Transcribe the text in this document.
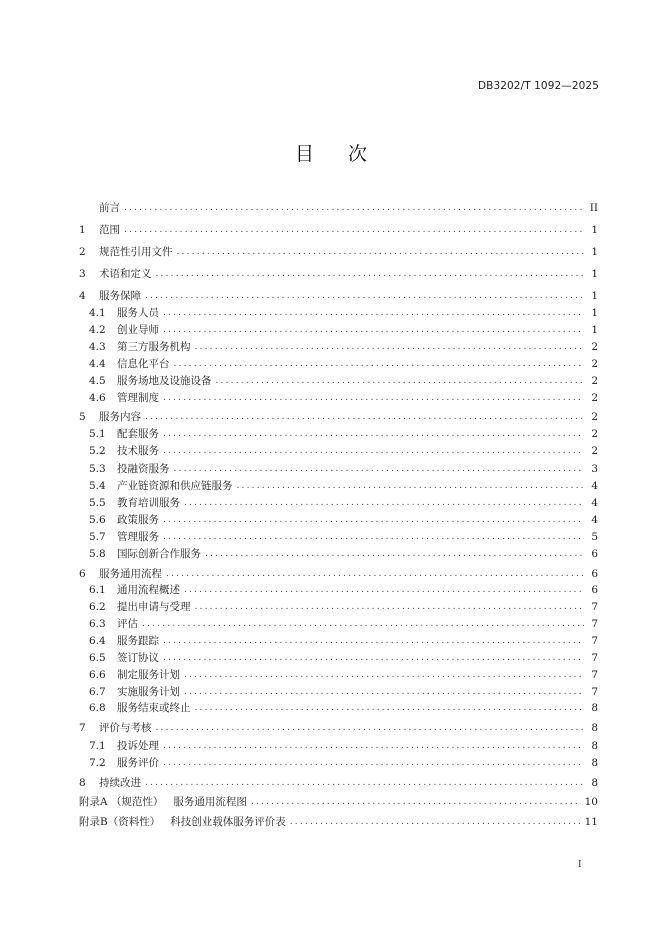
DB3202/T 1092—2025
目次
前言 .....	II
1	范围 .....	1
2	规范性引用文件 .....	1
3	术语和定义 .....	1
4	服务保障 .....	1
4.1	服务人员 .....	1
4.2	创业导师 .....	1
4.3	第三方服务机构 .....	2
4.4	信息化平台 .....	2
4.5	服务场地及设施设备 .....	2
4.6	管理制度 .....	2
5	服务内容 .....	2
5.1	配套服务 .....	2
5.2	技术服务 .....	2
5.3	投融资服务 .....	3
5.4	产业链资源和供应链服务 .....	4
5.5	教育培训服务 .....	4
5.6	政策服务 .....	4
5.7	管理服务 .....	5
5.8	国际创新合作服务 .....	6
6	服务通用流程 .....	6
6.1	通用流程概述 .....	6
6.2	提出申请与受理 .....	7
6.3	评估 .....	7
6.4	服务跟踪 .....	7
6.5	签订协议 .....	7
6.6	制定服务计划 .....	7
6.7	实施服务计划 .....	7
6.8	服务结束或终止 .....	8
7	评价与考核 .....	8
7.1	投诉处理 .....	8
7.2	服务评价 .....	8
8	持续改进 .....	8
附录A （规范性） 服务通用流程图 .....	10
附录B（资料性） 科技创业载体服务评价表 .....	11
I
